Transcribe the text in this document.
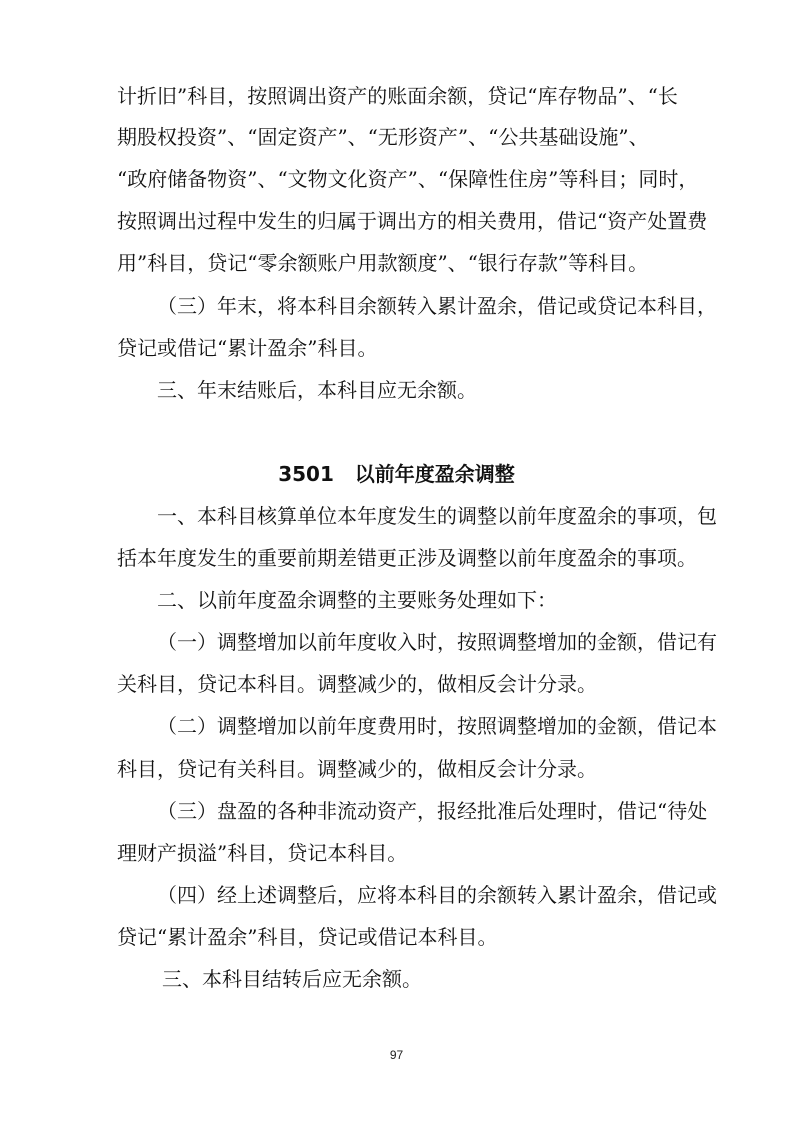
计折旧”科目，按照调出资产的账面余额，贷记“库存物品”、“长
期股权投资”、“固定资产”、“无形资产”、“公共基础设施”、
“政府储备物资”、“文物文化资产”、“保障性住房”等科目；同时，
按照调出过程中发生的归属于调出方的相关费用，借记“资产处置费
用”科目，贷记“零余额账户用款额度”、“银行存款”等科目。
（三）年末，将本科目余额转入累计盈余，借记或贷记本科目，
贷记或借记“累计盈余”科目。
三、年末结账后，本科目应无余额。
3501   以前年度盈余调整
一、本科目核算单位本年度发生的调整以前年度盈余的事项，包
括本年度发生的重要前期差错更正涉及调整以前年度盈余的事项。
二、以前年度盈余调整的主要账务处理如下：
（一）调整增加以前年度收入时，按照调整增加的金额，借记有
关科目，贷记本科目。调整减少的，做相反会计分录。
（二）调整增加以前年度费用时，按照调整增加的金额，借记本
科目，贷记有关科目。调整减少的，做相反会计分录。
（三）盘盈的各种非流动资产，报经批准后处理时，借记“待处
理财产损溢”科目，贷记本科目。
（四）经上述调整后，应将本科目的余额转入累计盈余，借记或
贷记“累计盈余”科目，贷记或借记本科目。
三、本科目结转后应无余额。
97
